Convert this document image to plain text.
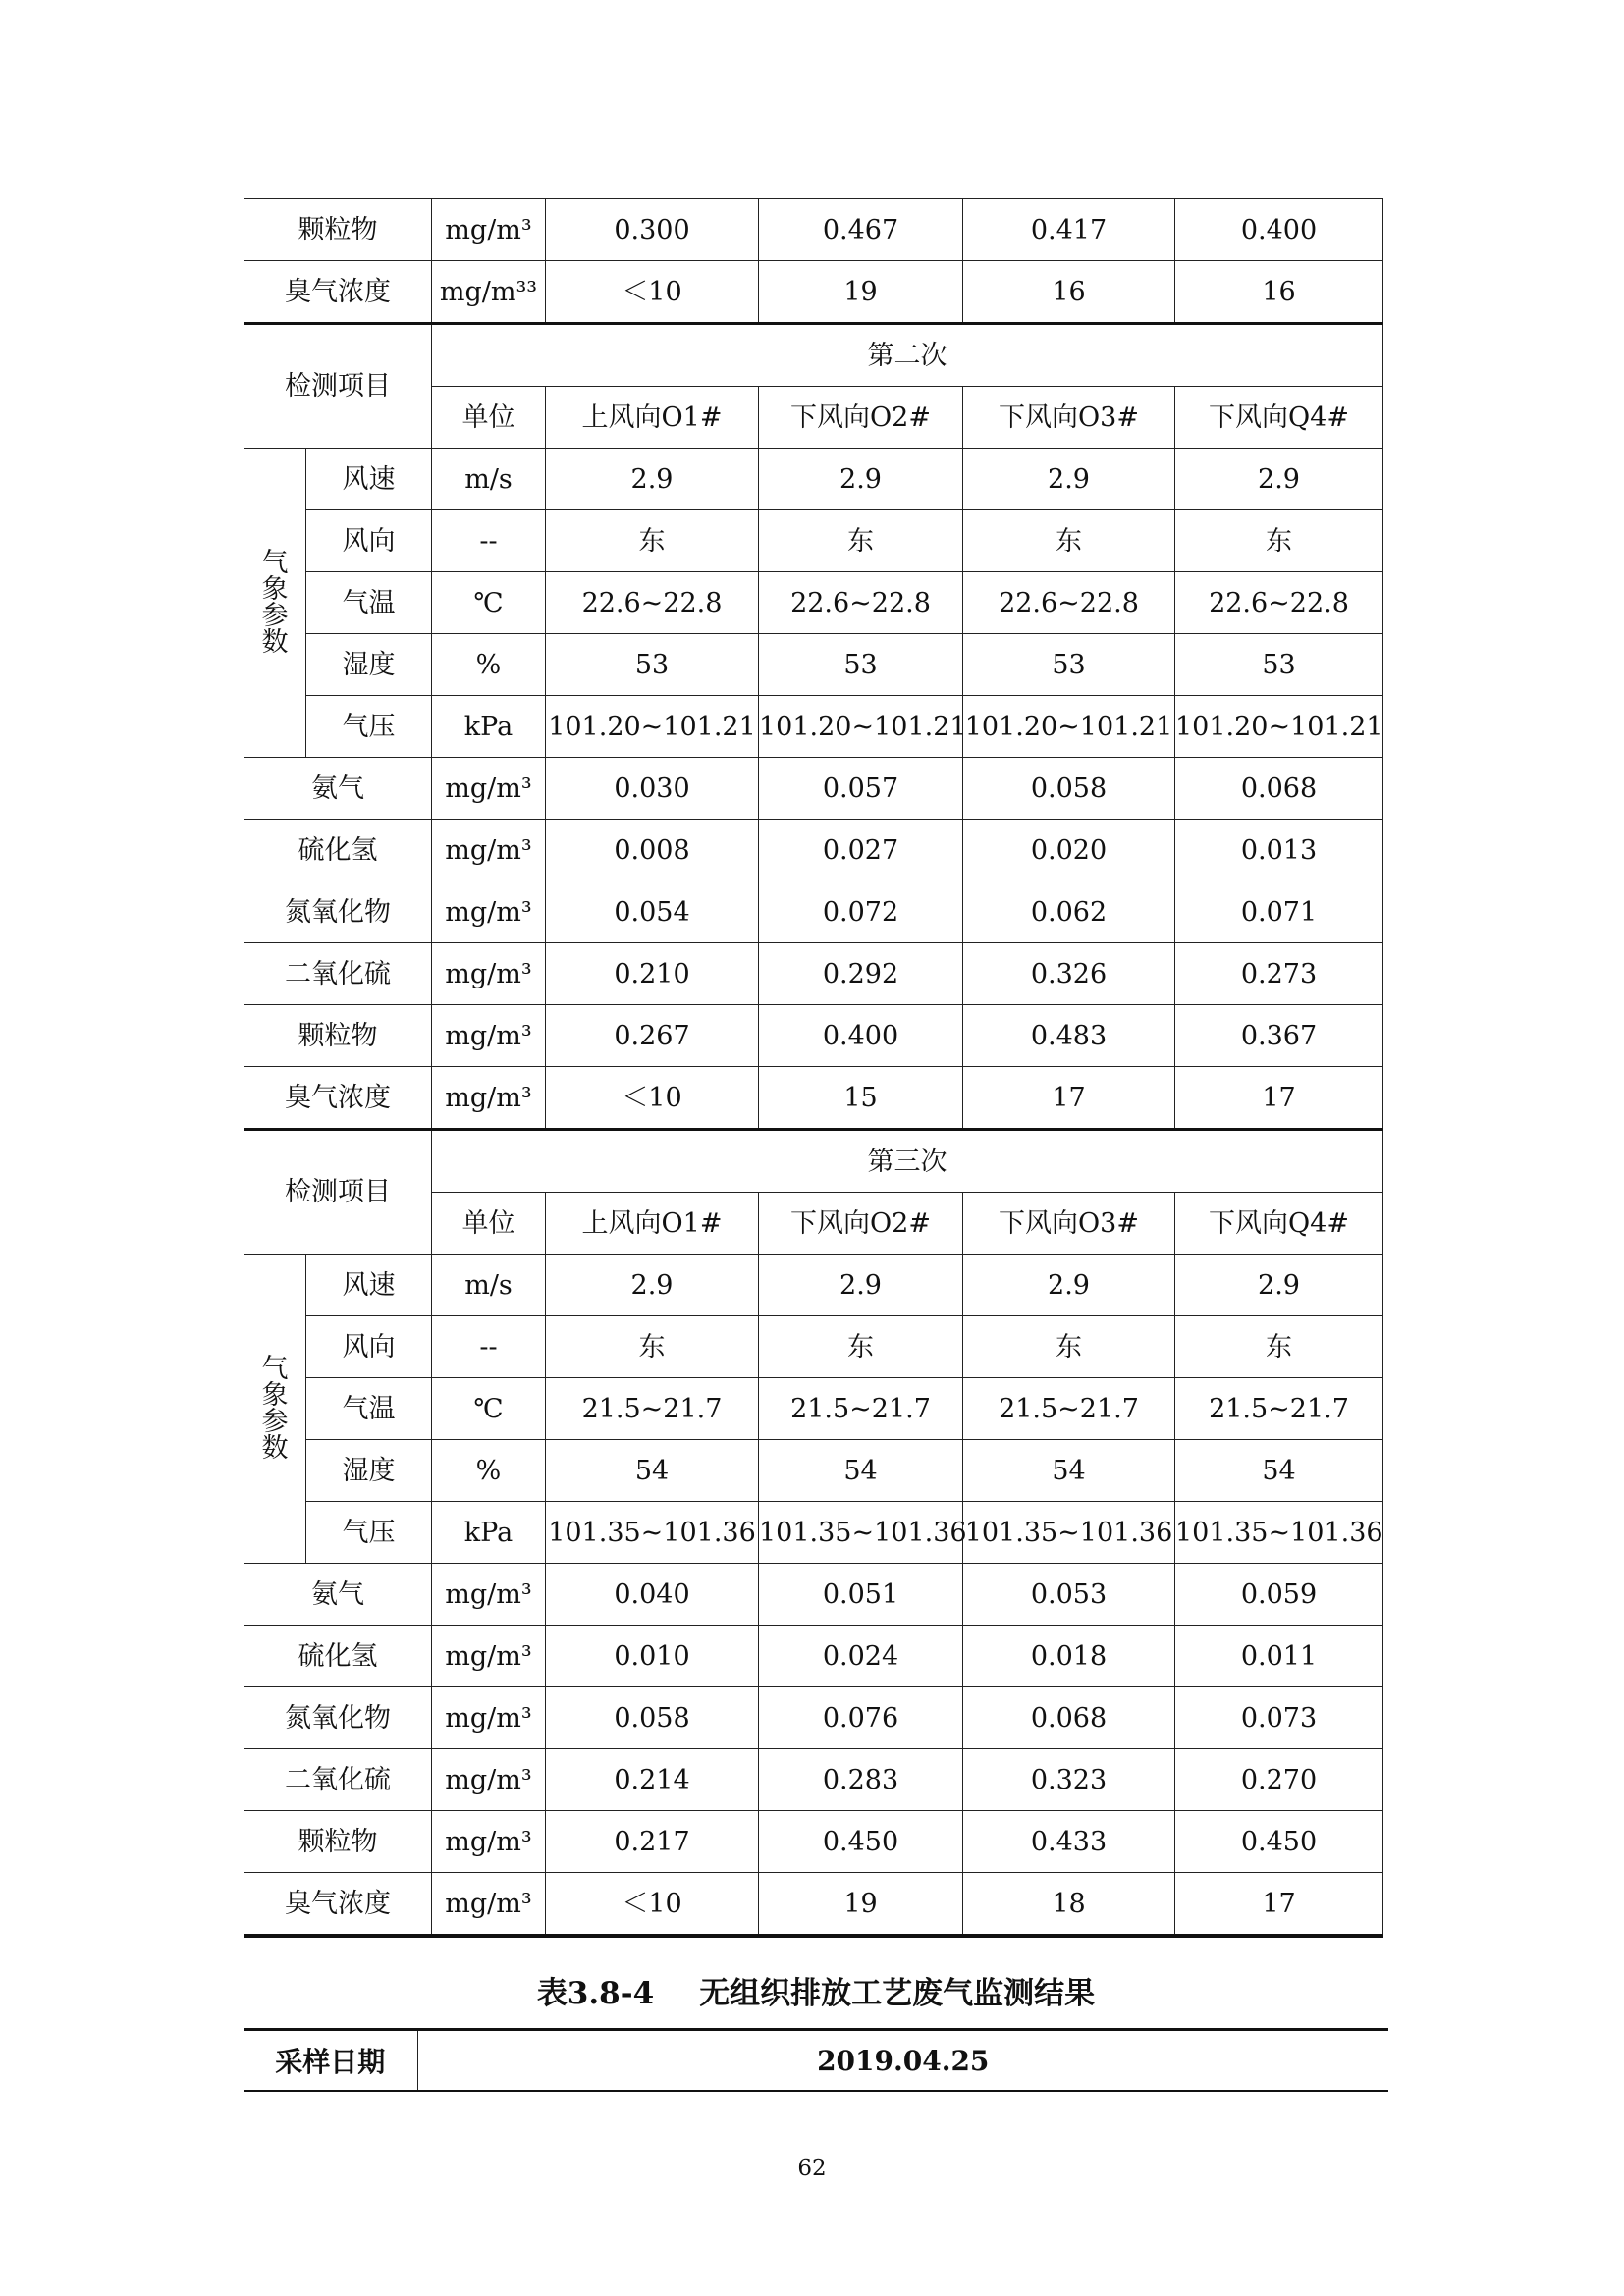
颗粒物		mg/m³	0.300	0.467	0.417	0.400
臭气浓度		mg/m³³	＜10	19	16	16
检测项目		第二次				
		单位	上风向O1#	下风向O2#	下风向O3#	下风向Q4#

气
象
参
数	风速	m/s	2.9	2.9	2.9	2.9
	风向	--	东	东	东	东
	气温	℃	22.6~22.8	22.6~22.8	22.6~22.8	22.6~22.8
	湿度	%	53	53	53	53
	气压	kPa	101.20~101.21	101.20~101.21	101.20~101.21	101.20~101.21
氨气		mg/m³	0.030	0.057	0.058	0.068
硫化氢		mg/m³	0.008	0.027	0.020	0.013
氮氧化物		mg/m³	0.054	0.072	0.062	0.071
二氧化硫		mg/m³	0.210	0.292	0.326	0.273
颗粒物		mg/m³	0.267	0.400	0.483	0.367
臭气浓度		mg/m³	＜10	15	17	17
检测项目		第三次				
		单位	上风向O1#	下风向O2#	下风向O3#	下风向Q4#

气
象
参
数	风速	m/s	2.9	2.9	2.9	2.9
	风向	--	东	东	东	东
	气温	℃	21.5~21.7	21.5~21.7	21.5~21.7	21.5~21.7
	湿度	%	54	54	54	54
	气压	kPa	101.35~101.36	101.35~101.36	101.35~101.36	101.35~101.36
氨气		mg/m³	0.040	0.051	0.053	0.059
硫化氢		mg/m³	0.010	0.024	0.018	0.011
氮氧化物		mg/m³	0.058	0.076	0.068	0.073
二氧化硫		mg/m³	0.214	0.283	0.323	0.270
颗粒物		mg/m³	0.217	0.450	0.433	0.450
臭气浓度		mg/m³	＜10	19	18	17
表3.8-4 无组织排放工艺废气监测结果
采样日期	2019.04.25
62
